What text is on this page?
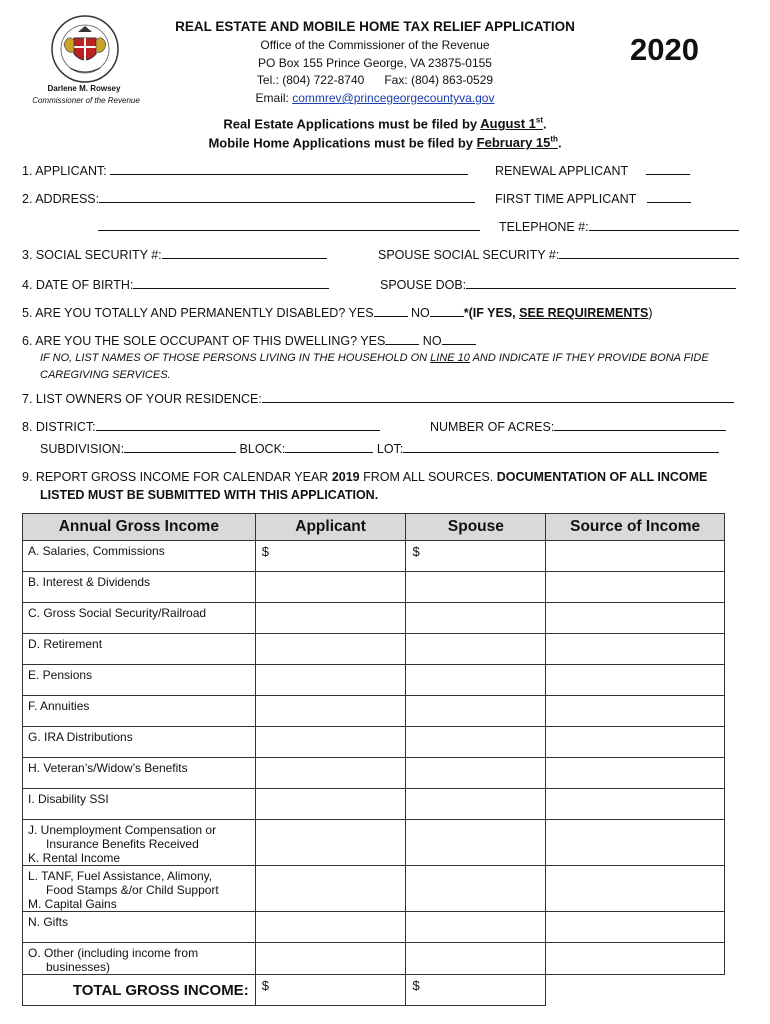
Darlene M. Rowsey
Commissioner of the Revenue
REAL ESTATE AND MOBILE HOME TAX RELIEF APPLICATION
Office of the Commissioner of the Revenue
PO Box 155 Prince George, VA 23875-0155
Tel.: (804) 722-8740 Fax: (804) 863-0529
Email: commrev@princegeorgecountyva.gov
2020
Real Estate Applications must be filed by August 1st.
Mobile Home Applications must be filed by February 15th.
1. APPLICANT:	RENEWAL APPLICANT
2. ADDRESS:	FIRST TIME APPLICANT
TELEPHONE #:
3. SOCIAL SECURITY #:	SPOUSE SOCIAL SECURITY #:
4. DATE OF BIRTH:	SPOUSE DOB:
5. ARE YOU TOTALLY AND PERMANENTLY DISABLED? YES	NO	*(IF YES, SEE REQUIREMENTS)
6. ARE YOU THE SOLE OCCUPANT OF THIS DWELLING? YES	NO
IF NO, LIST NAMES OF THOSE PERSONS LIVING IN THE HOUSEHOLD ON LINE 10 AND INDICATE IF THEY PROVIDE BONA FIDE
CAREGIVING SERVICES.
7. LIST OWNERS OF YOUR RESIDENCE:
8. DISTRICT:	NUMBER OF ACRES:
SUBDIVISION:	BLOCK:	LOT:
9. REPORT GROSS INCOME FOR CALENDAR YEAR 2019 FROM ALL SOURCES. DOCUMENTATION OF ALL INCOME
LISTED MUST BE SUBMITTED WITH THIS APPLICATION.
Annual Gross Income	Applicant	Spouse	Source of Income

A. Salaries, Commissions	$	$	

B. Interest & Dividends			

C. Gross Social Security/Railroad			

D. Retirement			

E. Pensions			

F. Annuities			

G. IRA Distributions			

H. Veteran’s/Widow’s Benefits			

I. Disability SSI			

J. Unemployment Compensation or
Insurance Benefits Received
K. Rental Income			

L. TANF, Fuel Assistance, Alimony,
Food Stamps &/or Child Support
M. Capital Gains			

N. Gifts			

O. Other (including income from
businesses)			

TOTAL GROSS INCOME:	$	$	
